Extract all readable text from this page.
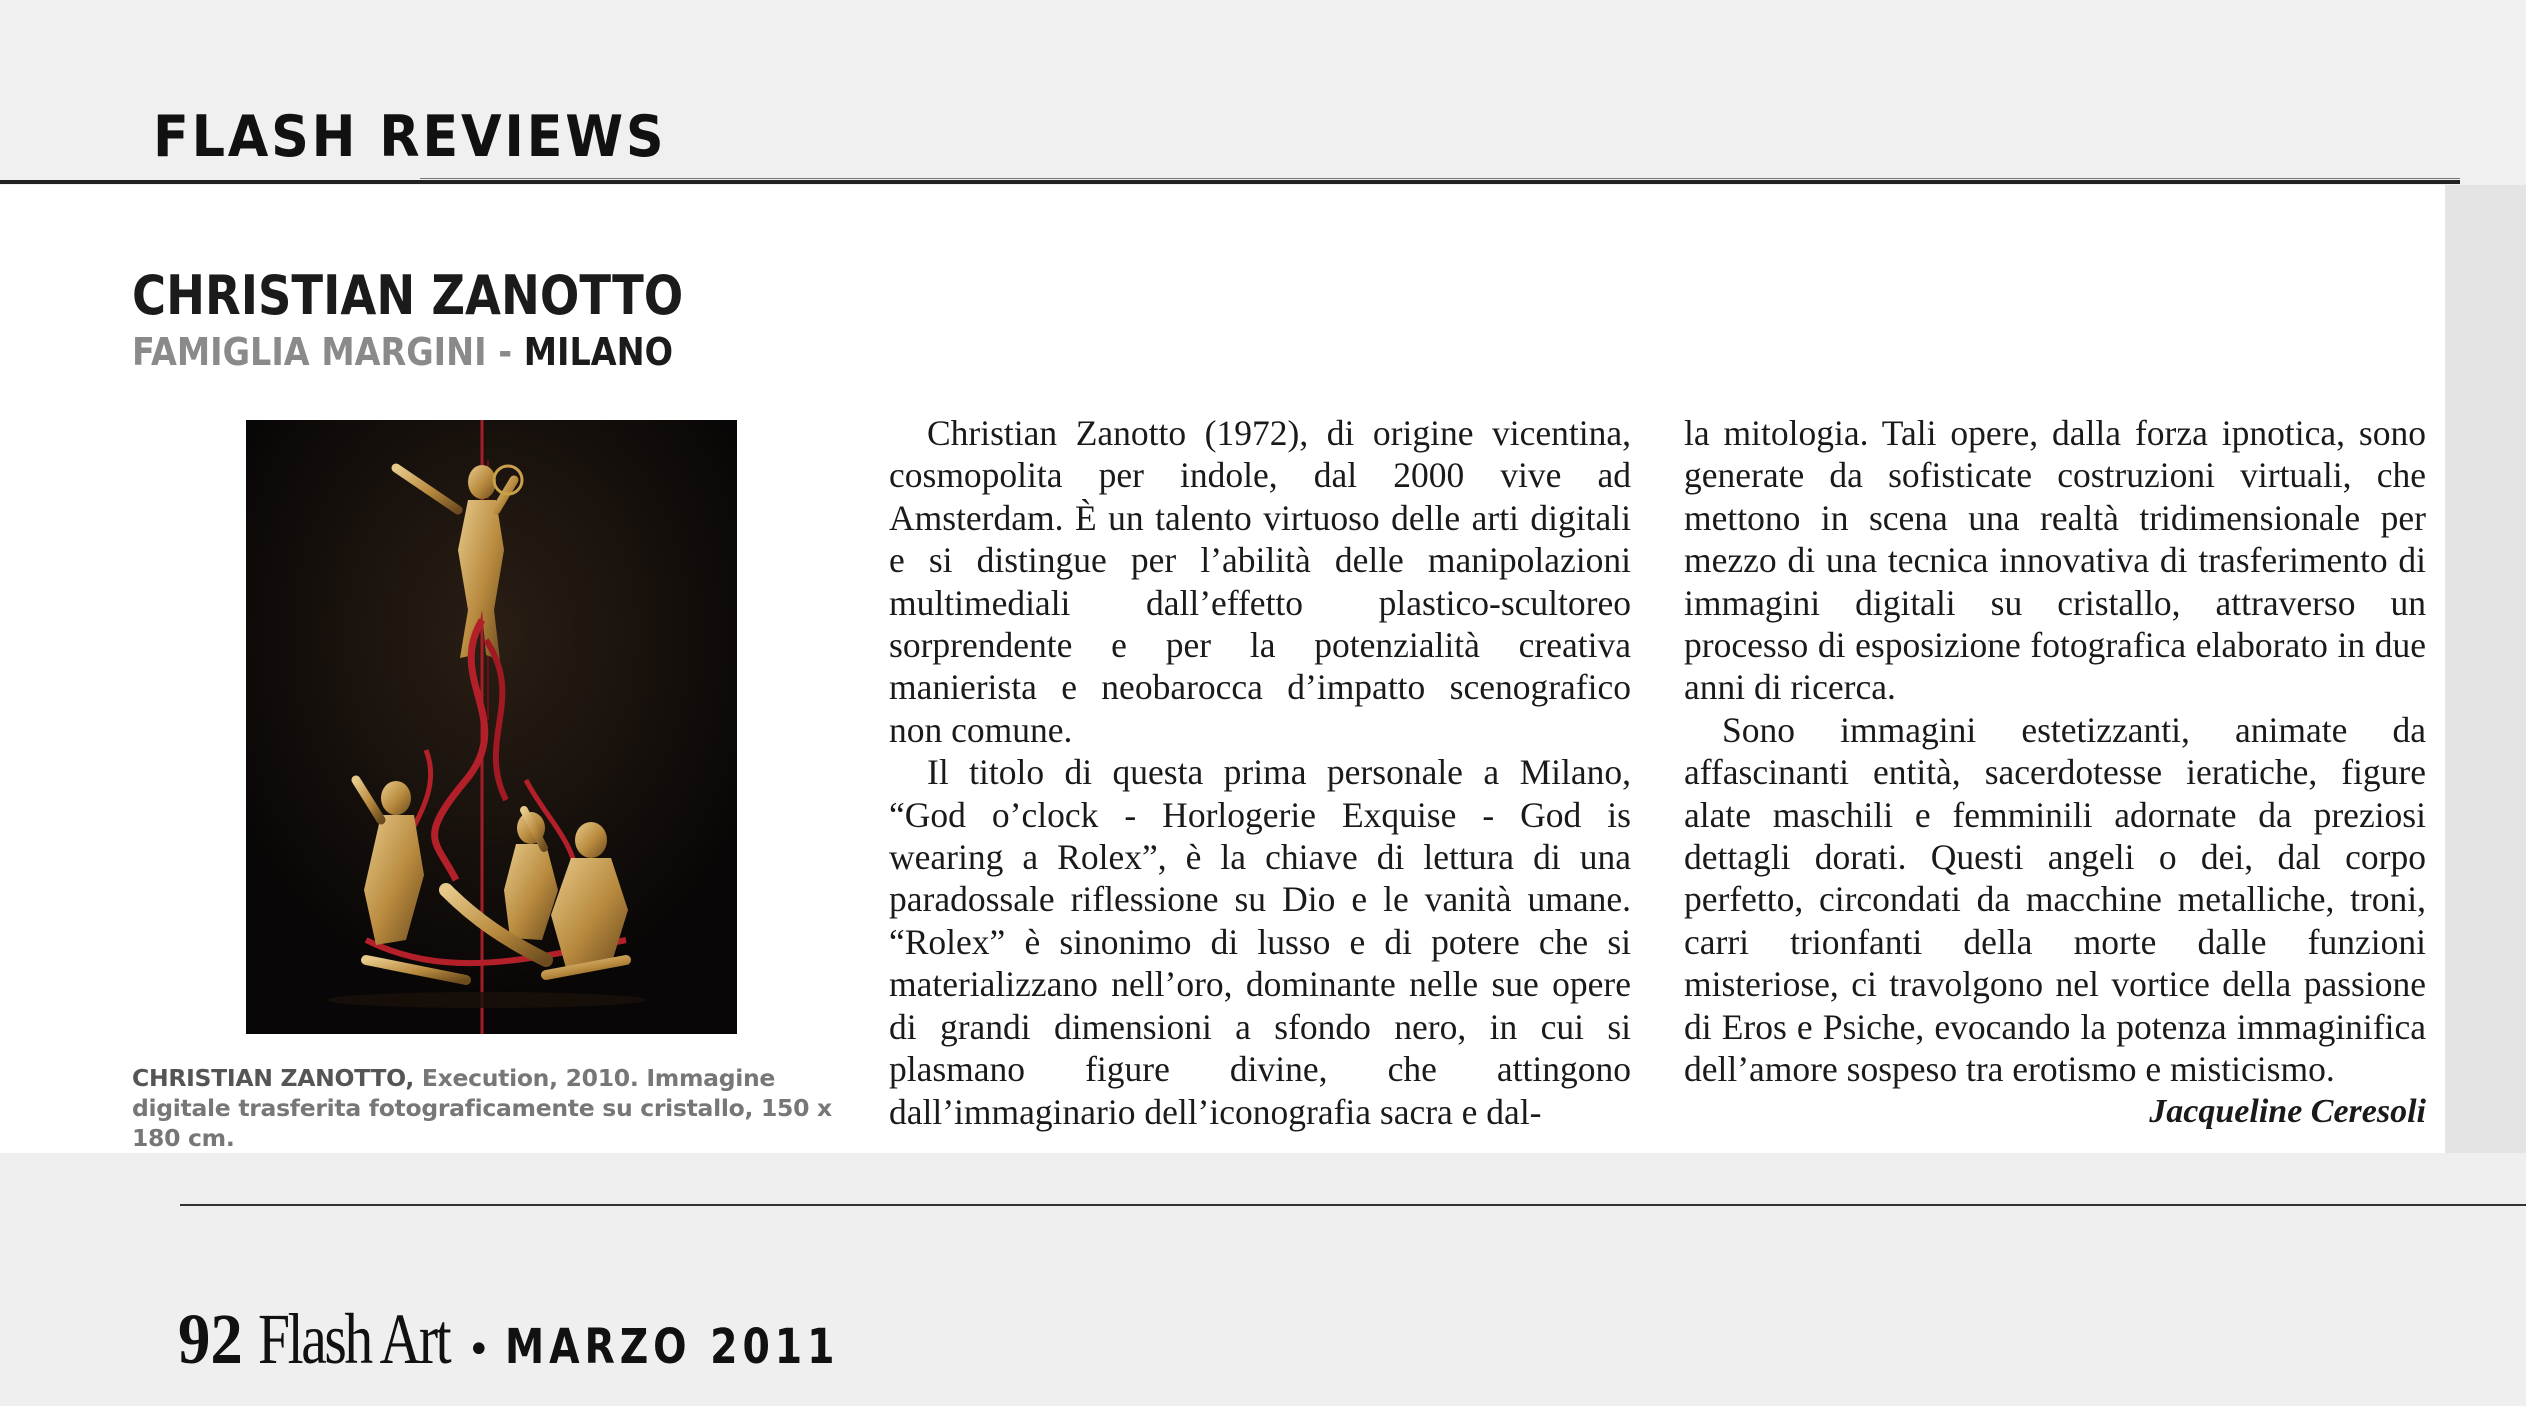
FLASH REVIEWS
CHRISTIAN ZANOTTO
FAMIGLIA MARGINI - MILANO
CHRISTIAN ZANOTTO, Execution, 2010. Immagine digitale trasferita fotograficamente su cristallo, 150 x 180 cm.

Christian Zanotto (1972), di origine vicentina, cosmopolita per indole, dal 2000 vive ad Amsterdam. È un talento virtuoso delle arti digitali e si distingue per l’abilità delle manipolazioni multimediali dall’effetto plastico-scultoreo sorprendente e per la potenzialità creativa manierista e neobarocca d’impatto scenografico non comune.

Il titolo di questa prima personale a Milano, “God o’clock - Horlogerie Exquise - God is wearing a Rolex”, è la chiave di lettura di una paradossale riflessione su Dio e le vanità umane. “Rolex” è sinonimo di lusso e di potere che si materializzano nell’oro, dominante nelle sue opere di grandi dimensioni a sfondo nero, in cui si plasmano figure divine, che attingono dall’immaginario dell’iconografia sacra e dal-

la mitologia. Tali opere, dalla forza ipnotica, sono generate da sofisticate costruzioni virtuali, che mettono in scena una realtà tridimensionale per mezzo di una tecnica innovativa di trasferimento di immagini digitali su cristallo, attraverso un processo di esposizione fotografica elaborato in due anni di ricerca.

Sono immagini estetizzanti, animate da affascinanti entità, sacerdotesse ieratiche, figure alate maschili e femminili adornate da preziosi dettagli dorati. Questi angeli o dei, dal corpo perfetto, circondati da macchine metalliche, troni, carri trionfanti della morte dalle funzioni misteriose, ci travolgono nel vortice della passione di Eros e Psiche, evocando la potenza immaginifica dell’amore sospeso tra erotismo e misticismo.

Jacqueline Ceresoli
92 Flash Art • MARZO 2011
